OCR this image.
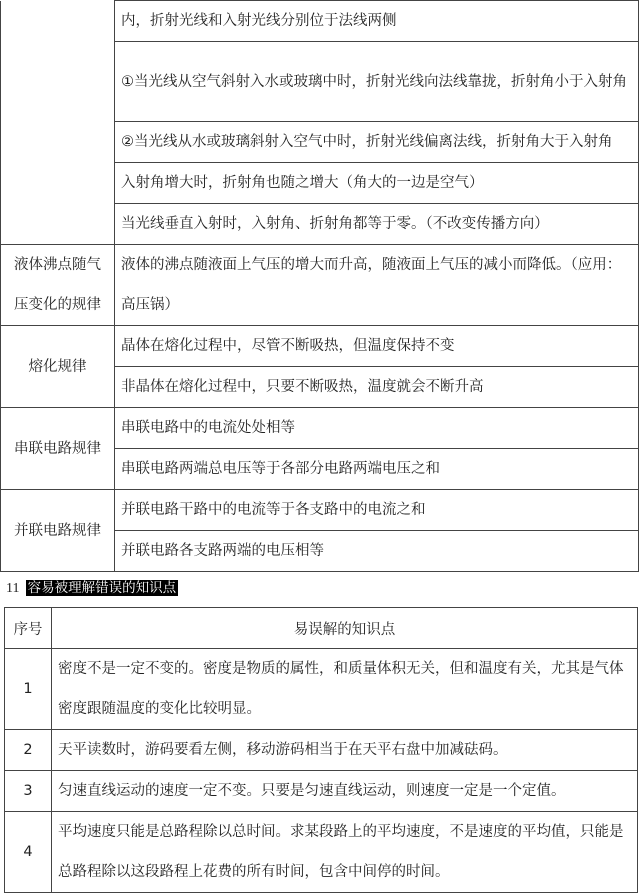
	内，折射光线和入射光线分别位于法线两侧
	①当光线从空气斜射入水或玻璃中时，折射光线向法线靠拢，折射角小于入射角
	②当光线从水或玻璃斜射入空气中时，折射光线偏离法线，折射角大于入射角
	入射角增大时，折射角也随之增大（角大的一边是空气）
	当光线垂直入射时，入射角、折射角都等于零。（不改变传播方向）
液体沸点随气压变化的规律	液体的沸点随液面上气压的增大而升高，随液面上气压的减小而降低。（应用：高压锅）
熔化规律	晶体在熔化过程中，尽管不断吸热，但温度保持不变
	非晶体在熔化过程中，只要不断吸热，温度就会不断升高
串联电路规律	串联电路中的电流处处相等
	串联电路两端总电压等于各部分电路两端电压之和
并联电路规律	并联电路干路中的电流等于各支路中的电流之和
	并联电路各支路两端的电压相等
11 容易被理解错误的知识点
序号	易误解的知识点
1	密度不是一定不变的。密度是物质的属性，和质量体积无关，但和温度有关，尤其是气体密度跟随温度的变化比较明显。
2	天平读数时，游码要看左侧，移动游码相当于在天平右盘中加减砝码。
3	匀速直线运动的速度一定不变。只要是匀速直线运动，则速度一定是一个定值。
4	平均速度只能是总路程除以总时间。求某段路上的平均速度，不是速度的平均值，只能是总路程除以这段路程上花费的所有时间，包含中间停的时间。
